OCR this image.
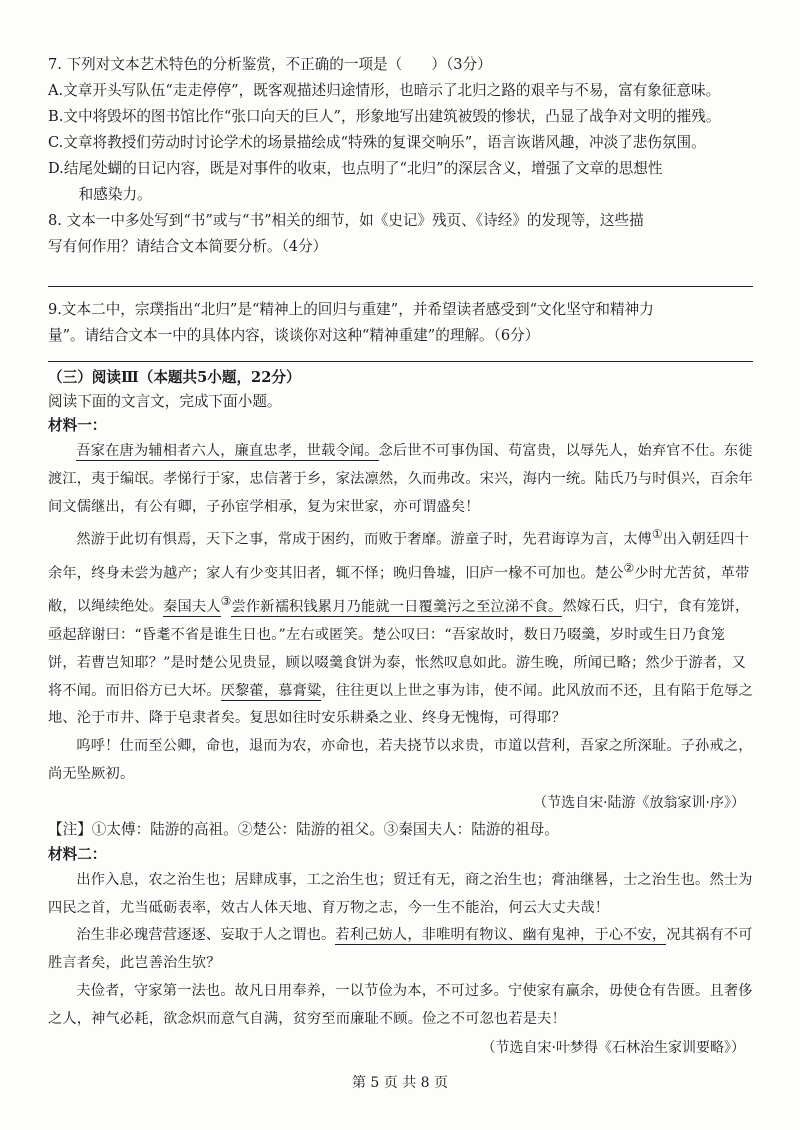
7. 下列对文本艺术特色的分析鉴赏，不正确的一项是（　　）（3分）

A.文章开头写队伍“走走停停”，既客观描述归途情形，也暗示了北归之路的艰辛与不易，富有象征意味。

B.文中将毁坏的图书馆比作“张口向天的巨人”，形象地写出建筑被毁的惨状，凸显了战争对文明的摧残。

C.文章将教授们劳动时讨论学术的场景描绘成“特殊的复课交响乐”，语言诙谐风趣，冲淡了悲伤氛围。

D.结尾处蝴的日记内容，既是对事件的收束，也点明了“北归”的深层含义，增强了文章的思想性

和感染力。

8. 文本一中多处写到“书”或与“书”相关的细节，如《史记》残页、《诗经》的发现等，这些描

写有何作用？请结合文本简要分析。（4分）

9.文本二中，宗璞指出“北归”是“精神上的回归与重建”，并希望读者感受到“文化坚守和精神力

量”。请结合文本一中的具体内容，谈谈你对这种“精神重建”的理解。（6分）

（三）阅读Ⅲ（本题共5小题，22分）

阅读下面的文言文，完成下面小题。

材料一：

吾家在唐为辅相者六人，廉直忠孝，世载令闻。念后世不可事伪国、苟富贵，以辱先人，始弃官不仕。东徙渡江，夷于编氓。孝悌行于家，忠信著于乡，家法凛然，久而弗改。宋兴，海内一统。陆氏乃与时俱兴，百余年间文儒继出，有公有卿，子孙宦学相承，复为宋世家，亦可谓盛矣！

然游于此切有惧焉，天下之事，常成于困约，而败于奢靡。游童子时，先君诲谆为言，太傅①出入朝廷四十余年，终身未尝为越产；家人有少变其旧者，辄不怿；晚归鲁墟，旧庐一椽不可加也。楚公②少时尤苦贫，革带敝，以绳续绝处。秦国夫人③尝作新襦积钱累月乃能就一日覆羹污之至泣涕不食。然嫁石氏，归宁，食有笼饼，亟起辞谢曰：“昏耄不省是谁生日也。”左右或匿笑。楚公叹曰：“吾家故时，数日乃啜羹，岁时或生日乃食笼饼，若曹岂知耶？”是时楚公见贵显，顾以啜羹食饼为泰，怅然叹息如此。游生晚，所闻已略；然少于游者，又将不闻。而旧俗方已大坏。厌黎藿，慕膏粱，往往更以上世之事为讳，使不闻。此风放而不还，且有陷于危辱之地、沦于市井、降于皂隶者矣。复思如往时安乐耕桑之业、终身无愧悔，可得耶？

呜呼！仕而至公卿，命也，退而为农，亦命也，若夫挠节以求贵，市道以营利，吾家之所深耻。子孙戒之，尚无坠厥初。

（节选自宋·陆游《放翁家训·序》）

【注】①太傅：陆游的高祖。②楚公：陆游的祖父。③秦国夫人：陆游的祖母。

材料二：

出作入息，农之治生也；居肆成事，工之治生也；贸迁有无，商之治生也；膏油继晷，士之治生也。然士为四民之首，尤当砥砺表率，效古人体天地、育万物之志，今一生不能治，何云大丈夫哉！

治生非必瑰营营逐逐、妄取于人之谓也。若利己妨人，非唯明有物议、幽有鬼神，于心不安，况其祸有不可胜言者矣，此岂善治生欤？

夫俭者，守家第一法也。故凡日用奉养，一以节俭为本，不可过多。宁使家有赢余，毋使仓有告匮。且奢侈之人，神气必耗，欲念炽而意气自满，贫穷至而廉耻不顾。俭之不可忽也若是夫！

（节选自宋·叶梦得《石林治生家训要略》）

第 5 页 共 8 页
